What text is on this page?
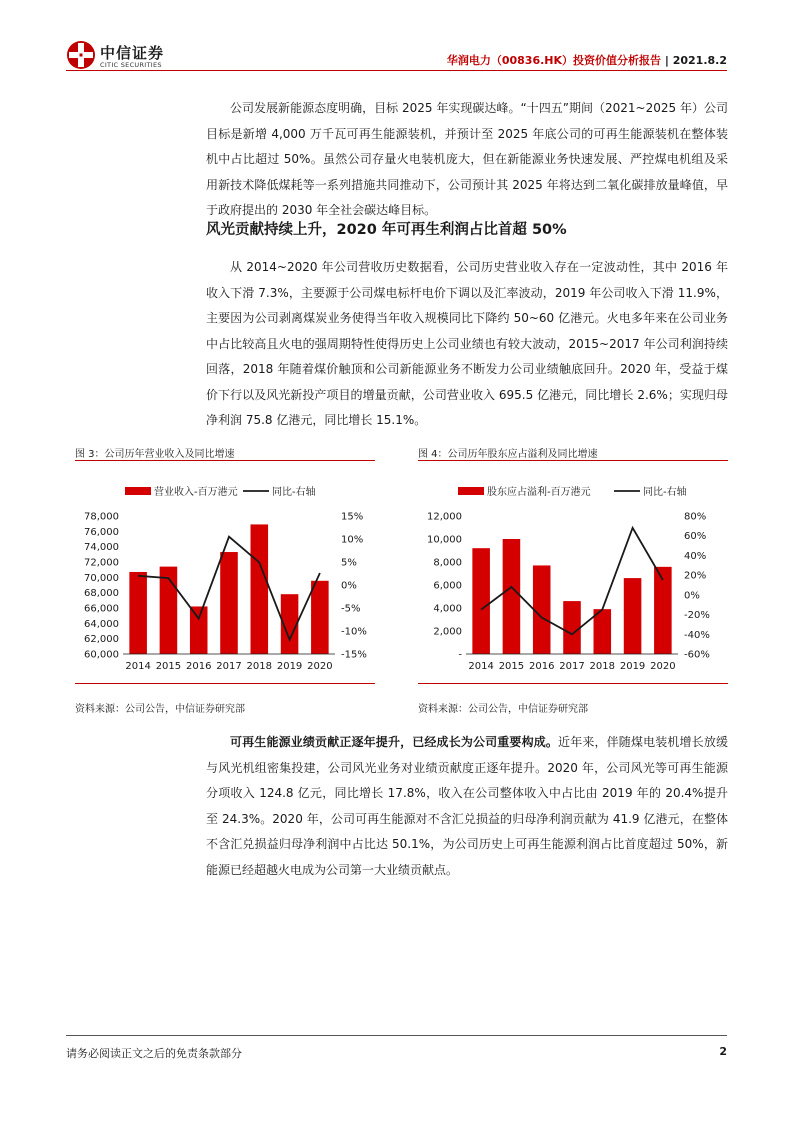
中信证券
CITIC SECURITIES	华润电力（00836.HK）投资价值分析报告 | 2021.8.2

公司发展新能源态度明确，目标 2025 年实现碳达峰。“十四五”期间（2021~2025 年）公司目标是新增 4,000 万千瓦可再生能源装机，并预计至 2025 年底公司的可再生能源装机在整体装机中占比超过 50%。虽然公司存量火电装机庞大，但在新能源业务快速发展、严控煤电机组及采用新技术降低煤耗等一系列措施共同推动下，公司预计其 2025 年将达到二氧化碳排放量峰值，早于政府提出的 2030 年全社会碳达峰目标。

风光贡献持续上升，2020 年可再生利润占比首超 50%

从 2014~2020 年公司营收历史数据看，公司历史营业收入存在一定波动性，其中 2016 年收入下滑 7.3%，主要源于公司煤电标杆电价下调以及汇率波动，2019 年公司收入下滑 11.9%，主要因为公司剥离煤炭业务使得当年收入规模同比下降约 50~60 亿港元。火电多年来在公司业务中占比较高且火电的强周期特性使得历史上公司业绩也有较大波动，2015~2017 年公司利润持续回落，2018 年随着煤价触顶和公司新能源业务不断发力公司业绩触底回升。2020 年，受益于煤价下行以及风光新投产项目的增量贡献，公司营业收入 695.5 亿港元，同比增长 2.6%；实现归母净利润 75.8 亿港元，同比增长 15.1%。

图 3：公司历年营业收入及同比增速
营业收入-百万港元	同比-右轴
60,000
62,000
64,000
66,000
68,000
70,000
72,000
74,000
76,000
78,000
-15%
-10%
-5%
0%
5%
10%
15%
2014 2015 2016 2017 2018 2019 2020
资料来源：公司公告，中信证券研究部
图 4：公司历年股东应占溢利及同比增速
股东应占溢利-百万港元	同比-右轴
-
2,000
4,000
6,000
8,000
10,000
12,000
-60%
-40%
-20%
0%
20%
40%
60%
80%
2014 2015 2016 2017 2018 2019 2020
资料来源：公司公告，中信证券研究部

可再生能源业绩贡献正逐年提升，已经成长为公司重要构成。近年来，伴随煤电装机增长放缓与风光机组密集投建，公司风光业务对业绩贡献度正逐年提升。2020 年，公司风光等可再生能源分项收入 124.8 亿元，同比增长 17.8%，收入在公司整体收入中占比由 2019 年的 20.4%提升至 24.3%。2020 年，公司可再生能源对不含汇兑损益的归母净利润贡献为 41.9 亿港元，在整体不含汇兑损益归母净利润中占比达 50.1%，为公司历史上可再生能源利润占比首度超过 50%，新能源已经超越火电成为公司第一大业绩贡献点。

请务必阅读正文之后的免责条款部分	2
